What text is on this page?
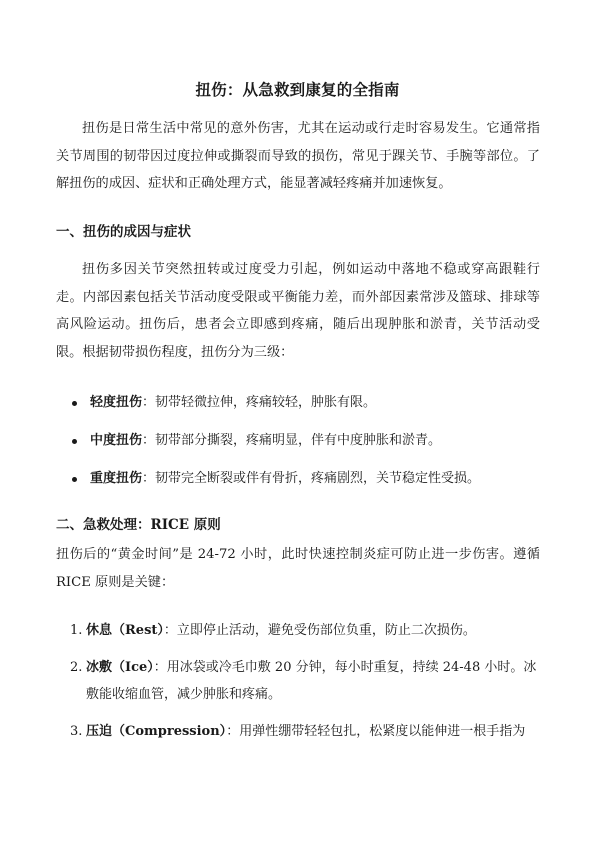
扭伤：从急救到康复的全指南
扭伤是日常生活中常见的意外伤害，尤其在运动或行走时容易发生。它通常指关节周围的韧带因过度拉伸或撕裂而导致的损伤，常见于踝关节、手腕等部位。了解扭伤的成因、症状和正确处理方式，能显著减轻疼痛并加速恢复。
一、扭伤的成因与症状
扭伤多因关节突然扭转或过度受力引起，例如运动中落地不稳或穿高跟鞋行走。内部因素包括关节活动度受限或平衡能力差，而外部因素常涉及篮球、排球等高风险运动。扭伤后，患者会立即感到疼痛，随后出现肿胀和淤青，关节活动受限。根据韧带损伤程度，扭伤分为三级：
轻度扭伤：韧带轻微拉伸，疼痛较轻，肿胀有限。
中度扭伤：韧带部分撕裂，疼痛明显，伴有中度肿胀和淤青。
重度扭伤：韧带完全断裂或伴有骨折，疼痛剧烈，关节稳定性受损。
二、急救处理：RICE 原则
扭伤后的“黄金时间”是 24-72 小时，此时快速控制炎症可防止进一步伤害。遵循 RICE 原则是关键：
1. 休息（Rest）：立即停止活动，避免受伤部位负重，防止二次损伤。
2. 冰敷（Ice）：用冰袋或冷毛巾敷 20 分钟，每小时重复，持续 24-48 小时。冰敷能收缩血管，减少肿胀和疼痛。
3. 压迫（Compression）：用弹性绷带轻轻包扎，松紧度以能伸进一根手指为
